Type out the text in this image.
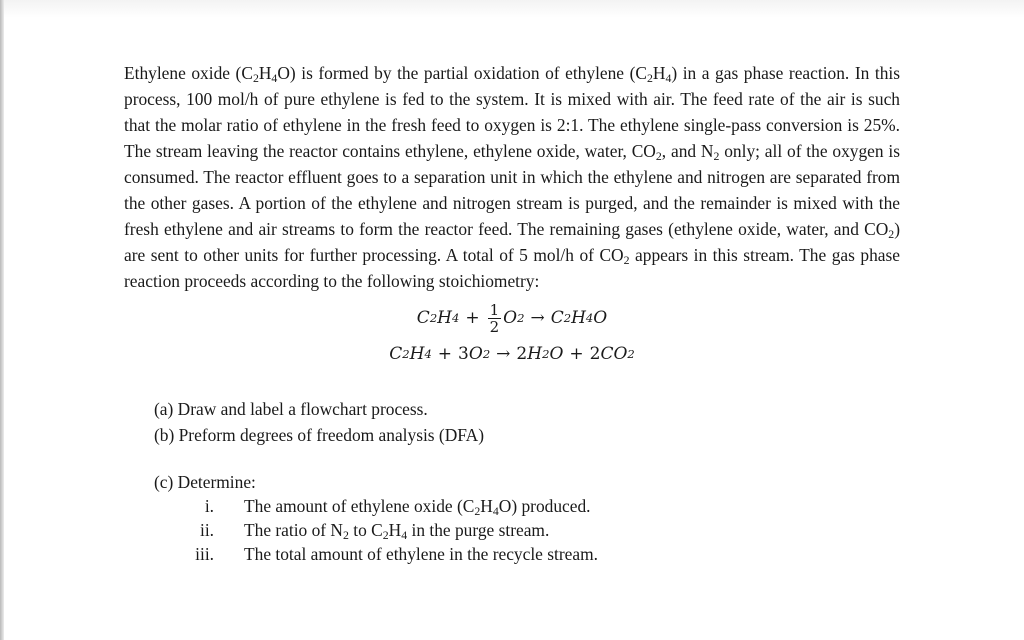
Ethylene oxide $(C_2H_4O)$ is formed by the partial oxidation of ethylene $(C_2H_4)$ in a gas phase reaction. In this process, 100 mol/h of pure ethylene is fed to the system. It is mixed with air. The feed rate of the air is such that the molar ratio of ethylene in the fresh feed to oxygen is 2:1. The ethylene single-pass conversion is 25%. The stream leaving the reactor contains ethylene, ethylene oxide, water, $CO_2$, and $N_2$ only; all of the oxygen is consumed. The reactor effluent goes to a separation unit in which the ethylene and nitrogen are separated from the other gases. A portion of the ethylene and nitrogen stream is purged, and the remainder is mixed with the fresh ethylene and air streams to form the reactor feed. The remaining gases (ethylene oxide, water, and $CO_2$) are sent to other units for further processing. A total of 5 mol/h of $CO_2$ appears in this stream. The gas phase reaction proceeds according to the following stoichiometry:

C 2 H $4 + \frac{1}{2}$ O 2 → C 2 H 4 O
C 2 H 4 + 3 O 2 → 2 H 2 O + 2 CO 2

(a) Draw and label a flowchart process.

(b) Preform degrees of freedom analysis (DFA)

(c) Determine:

i.	The amount of ethylene oxide $(C_2H_4O)$ produced.
ii.	The ratio of $N_2$ to $C_2H_4$ in the purge stream.
iii.	The total amount of ethylene in the recycle stream.
